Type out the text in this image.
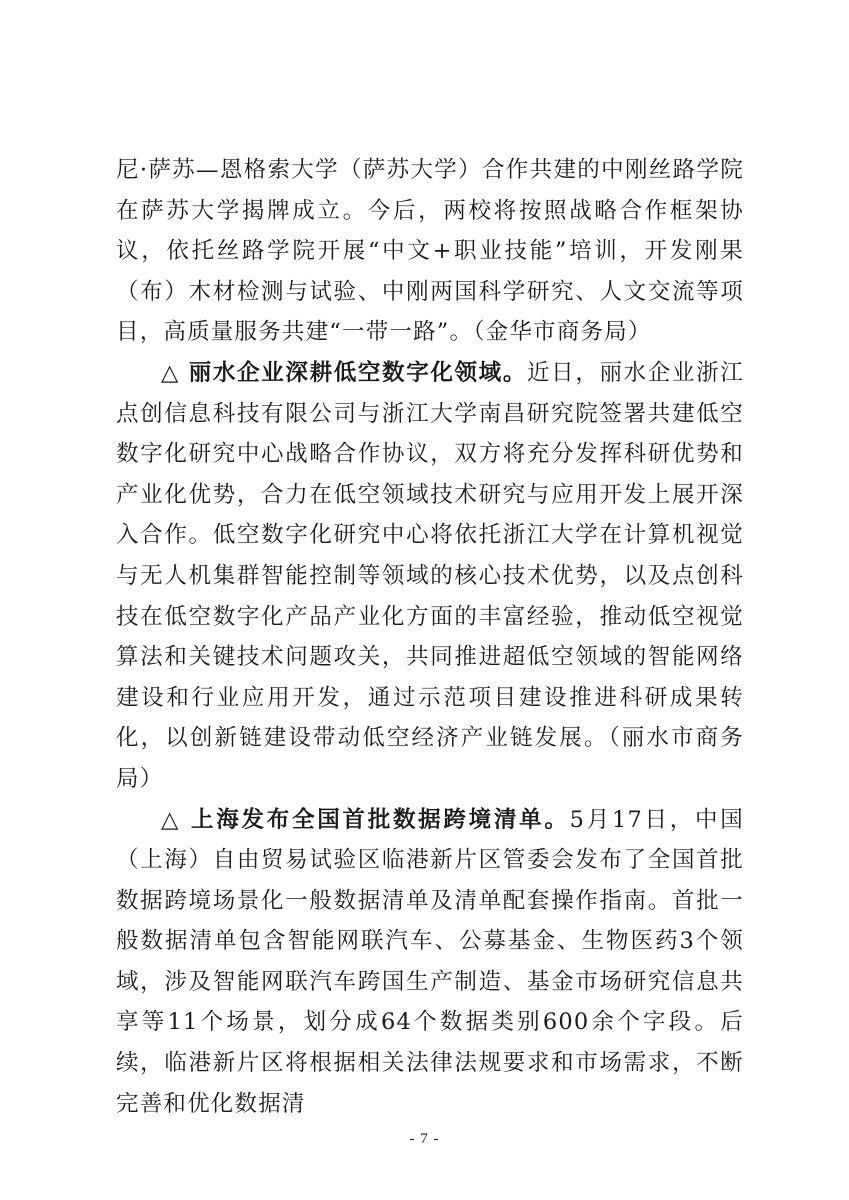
尼·萨苏—恩格索大学（萨苏大学）合作共建的中刚丝路学院在萨苏大学揭牌成立。今后，两校将按照战略合作框架协议，依托丝路学院开展“中文+职业技能”培训，开发刚果（布）木材检测与试验、中刚两国科学研究、人文交流等项目，高质量服务共建“一带一路”。（金华市商务局）

△ 丽水企业深耕低空数字化领域。近日，丽水企业浙江点创信息科技有限公司与浙江大学南昌研究院签署共建低空数字化研究中心战略合作协议，双方将充分发挥科研优势和产业化优势，合力在低空领域技术研究与应用开发上展开深入合作。低空数字化研究中心将依托浙江大学在计算机视觉与无人机集群智能控制等领域的核心技术优势，以及点创科技在低空数字化产品产业化方面的丰富经验，推动低空视觉算法和关键技术问题攻关，共同推进超低空领域的智能网络建设和行业应用开发，通过示范项目建设推进科研成果转化，以创新链建设带动低空经济产业链发展。（丽水市商务局）

△ 上海发布全国首批数据跨境清单。5月17日，中国（上海）自由贸易试验区临港新片区管委会发布了全国首批数据跨境场景化一般数据清单及清单配套操作指南。首批一般数据清单包含智能网联汽车、公募基金、生物医药3个领域，涉及智能网联汽车跨国生产制造、基金市场研究信息共享等11个场景，划分成64个数据类别600余个字段。后续，临港新片区将根据相关法律法规要求和市场需求，不断完善和优化数据清

- 7 -
